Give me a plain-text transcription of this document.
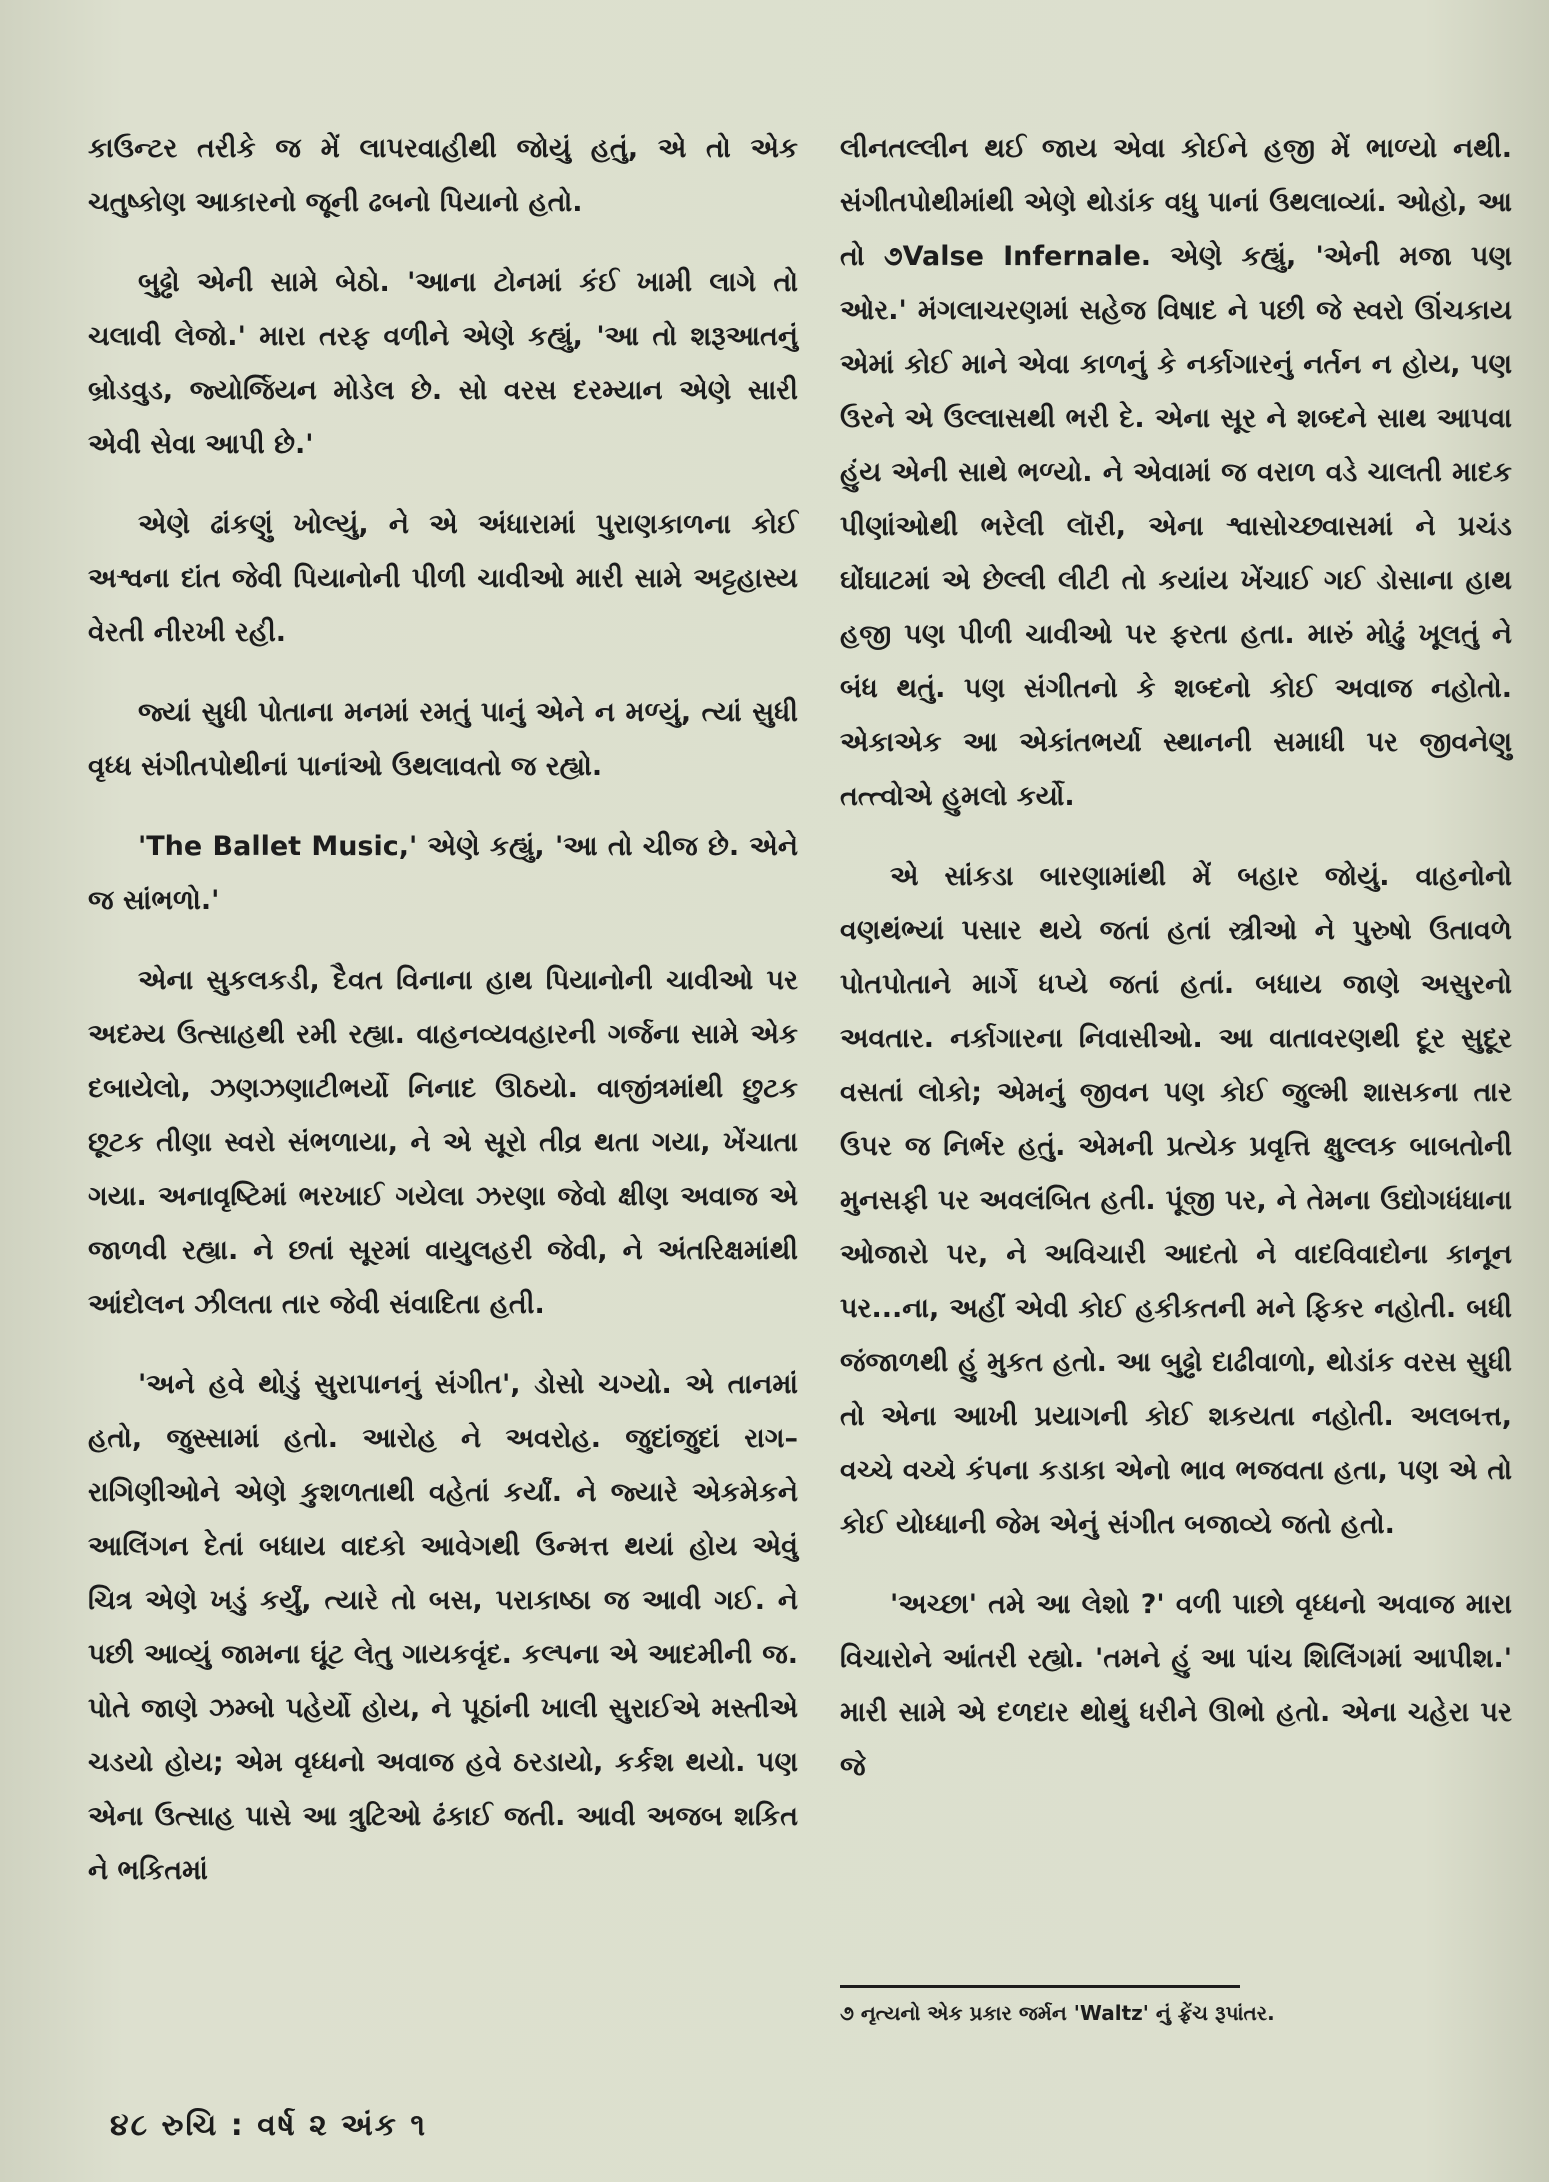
કાઉન્ટર તરીકે જ મેં લાપરવાહીથી જોયું હતું, એ તો એક ચતુષ્કોણ આકારનો જૂની ઢબનો પિયાનો હતો.

બુઢ્ઢો એની સામે બેઠો. 'આના ટોનમાં કંઈ ખામી લાગે તો ચલાવી લેજો.' મારા તરફ વળીને એણે કહ્યું, 'આ તો શરૂઆતનું બ્રોડવુડ, જ્યોર્જિયન મોડેલ છે. સો વરસ દરમ્યાન એણે સારી એવી સેવા આપી છે.'

એણે ઢાંકણું ખોલ્યું, ને એ અંધારામાં પુરાણકાળના કોઈ અશ્વના દાંત જેવી પિયાનોની પીળી ચાવીઓ મારી સામે અટ્ટહાસ્ય વેરતી નીરખી રહી.

જ્યાં સુધી પોતાના મનમાં રમતું પાનું એને ન મળ્યું, ત્યાં સુધી વૃધ્ધ સંગીતપોથીનાં પાનાંઓ ઉથલાવતો જ રહ્યો.

'The Ballet Music,' એણે કહ્યું, 'આ તો ચીજ છે. એને જ સાંભળો.'

એના સુકલકડી, દૈવત વિનાના હાથ પિયાનોની ચાવીઓ પર અદમ્ય ઉત્સાહથી રમી રહ્યા. વાહનવ્યવહારની ગર્જના સામે એક દબાયેલો, ઝણઝણાટીભર્યો નિનાદ ઊઠયો. વાજીંત્રમાંથી છુટક છૂટક તીણા સ્વરો સંભળાયા, ને એ સૂરો તીવ્ર થતા ગયા, ખેંચાતા ગયા. અનાવૃષ્ટિમાં ભરખાઈ ગયેલા ઝરણા જેવો ક્ષીણ અવાજ એ જાળવી રહ્યા. ને છતાં સૂરમાં વાયુલહરી જેવી, ને અંતરિક્ષમાંથી આંદોલન ઝીલતા તાર જેવી સંવાદિતા હતી.

'અને હવે થોડું સુરાપાનનું સંગીત', ડોસો ચગ્યો. એ તાનમાં હતો, જુસ્સામાં હતો. આરોહ ને અવરોહ. જુદાંજુદાં રાગ–રાગિણીઓને એણે કુશળતાથી વહેતાં કર્યાં. ને જ્યારે એકમેકને આલિંગન દેતાં બધાય વાદકો આવેગથી ઉન્મત્ત થયાં હોય એવું ચિત્ર એણે ખડું કર્યું, ત્યારે તો બસ, પરાકાષ્ઠા જ આવી ગઈ. ને પછી આવ્યું જામના ઘૂંટ લેતુ ગાયકવૃંદ. કલ્પના એ આદમીની જ. પોતે જાણે ઝમ્બો પહેર્યો હોય, ને પૂઠાંની ખાલી સુરાઈએ મસ્તીએ ચડયો હોય; એમ વૃધ્ધનો અવાજ હવે ઠરડાયો, કર્કશ થયો. પણ એના ઉત્સાહ પાસે આ ત્રુટિઓ ઢંકાઈ જતી. આવી અજબ શકિત ને ભકિતમાં

લીનતલ્લીન થઈ જાય એવા કોઈને હજી મેં ભાળ્યો નથી. સંગીતપોથીમાંથી એણે થોડાંક વધુ પાનાં ઉથલાવ્યાં. ઓહો, આ તો ૭Valse Infernale. એણે કહ્યું, 'એની મજા પણ ઓર.' મંગલાચરણમાં સહેજ વિષાદ ને પછી જે સ્વરો ઊંચકાય એમાં કોઈ માને એવા કાળનું કે નર્કાગારનું નર્તન ન હોય, પણ ઉરને એ ઉલ્લાસથી ભરી દે. એના સૂર ને શબ્દને સાથ આપવા હુંય એની સાથે ભળ્યો. ને એવામાં જ વરાળ વડે ચાલતી માદક પીણાંઓથી ભરેલી લૉરી, એના શ્વાસોચ્છ્વાસમાં ને પ્રચંડ ઘોંઘાટમાં એ છેલ્લી લીટી તો કયાંય ખેંચાઈ ગઈ ડોસાના હાથ હજી પણ પીળી ચાવીઓ પર ફરતા હતા. મારું મોઢું ખૂલતું ને બંધ થતું. પણ સંગીતનો કે શબ્દનો કોઈ અવાજ નહોતો. એકાએક આ એકાંતભર્યા સ્થાનની સમાધી પર જીવનેણુ તત્ત્વોએ હુમલો કર્યો.

એ સાંકડા બારણામાંથી મેં બહાર જોયું. વાહનોનો વણથંભ્યાં પસાર થયે જતાં હતાં સ્ત્રીઓ ને પુરુષો ઉતાવળે પોતપોતાને માર્ગે ધપ્યે જતાં હતાં. બધાય જાણે અસુરનો અવતાર. નર્કાગારના નિવાસીઓ. આ વાતાવરણથી દૂર સુદૂર વસતાં લોકો; એમનું જીવન પણ કોઈ જુલ્મી શાસકના તાર ઉપર જ નિર્ભર હતું. એમની પ્રત્યેક પ્રવૃત્તિ ક્ષુલ્લક બાબતોની મુનસફી પર અવલંબિત હતી. પૂંજી પર, ને તેમના ઉદ્યોગધંધાના ઓજારો પર, ને અવિચારી આદતો ને વાદવિવાદોના કાનૂન પર...ના, અહીં એવી કોઈ હકીકતની મને ફિકર નહોતી. બધી જંજાળથી હું મુકત હતો. આ બુઢ્ઢો દાઢીવાળો, થોડાંક વરસ સુધી તો એના આખી પ્રયાગની કોઈ શકયતા નહોતી. અલબત્ત, વચ્ચે વચ્ચે કંપના કડાકા એનો ભાવ ભજવતા હતા, પણ એ તો કોઈ યોધ્ધાની જેમ એનું સંગીત બજાવ્યે જતો હતો.

'અચ્છા' તમે આ લેશો ?' વળી પાછો વૃધ્ધનો અવાજ મારા વિચારોને આંતરી રહ્યો. 'તમને હું આ પાંચ શિલિંગમાં આપીશ.' મારી સામે એ દળદાર થોથું ધરીને ઊભો હતો. એના ચહેરા પર જે

૭ નૃત્યનો એક પ્રકાર જર્મન 'Waltz' નું ફ્રેંચ રૂપાંતર.
૪૮ રુચિ : વર્ષ ૨ અંક ૧
